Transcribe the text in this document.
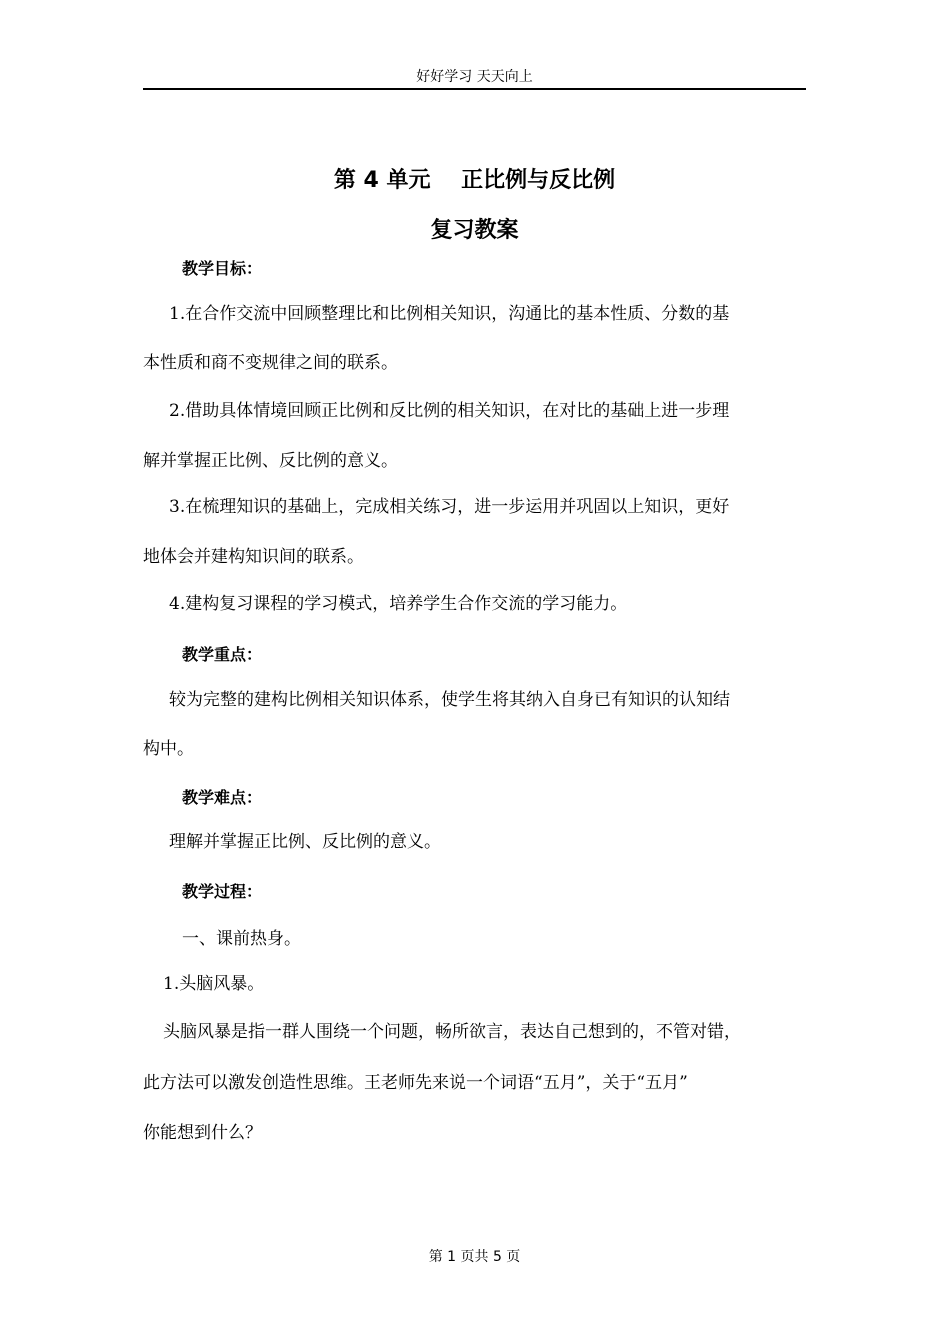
好好学习 天天向上
第 4 单元    正比例与反比例
复习教案
教学目标：
1.在合作交流中回顾整理比和比例相关知识，沟通比的基本性质、分数的基
本性质和商不变规律之间的联系。
2.借助具体情境回顾正比例和反比例的相关知识，在对比的基础上进一步理
解并掌握正比例、反比例的意义。
3.在梳理知识的基础上，完成相关练习，进一步运用并巩固以上知识，更好
地体会并建构知识间的联系。
4.建构复习课程的学习模式，培养学生合作交流的学习能力。
教学重点：
较为完整的建构比例相关知识体系，使学生将其纳入自身已有知识的认知结
构中。
教学难点：
理解并掌握正比例、反比例的意义。
教学过程：
一、课前热身。
1.头脑风暴。
头脑风暴是指一群人围绕一个问题，畅所欲言，表达自己想到的，不管对错，
此方法可以激发创造性思维。王老师先来说一个词语“五月”，关于“五月”
你能想到什么？
第 1 页共 5 页
